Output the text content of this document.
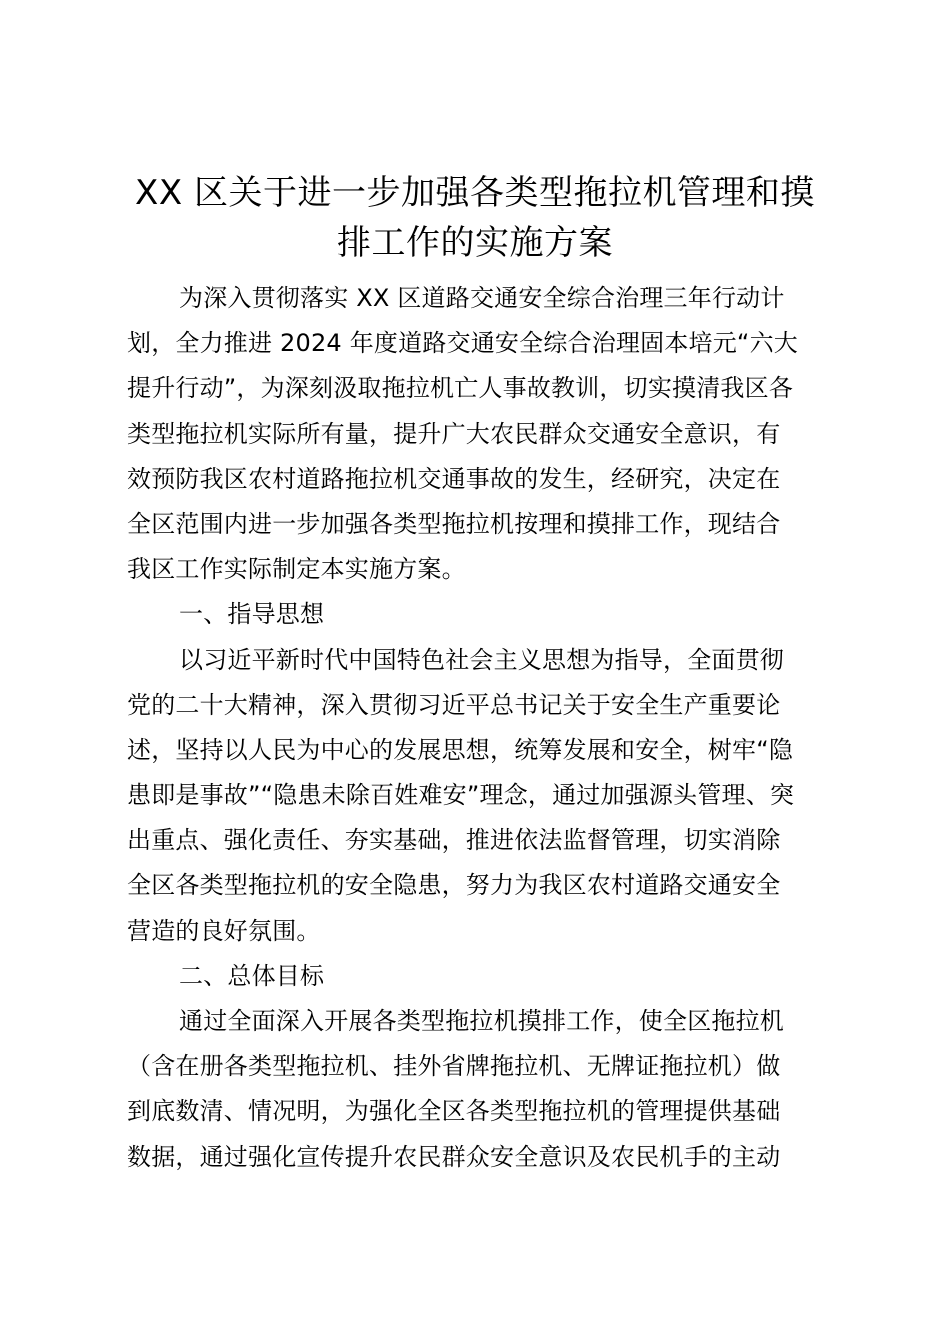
XX 区关于进一步加强各类型拖拉机管理和摸
排工作的实施方案
为深入贯彻落实 XX 区道路交通安全综合治理三年行动计
划，全力推进 2024 年度道路交通安全综合治理固本培元“六大
提升行动”，为深刻汲取拖拉机亡人事故教训，切实摸清我区各
类型拖拉机实际所有量，提升广大农民群众交通安全意识，有
效预防我区农村道路拖拉机交通事故的发生，经研究，决定在
全区范围内进一步加强各类型拖拉机按理和摸排工作，现结合
我区工作实际制定本实施方案。
一、指导思想
以习近平新时代中国特色社会主义思想为指导，全面贯彻
党的二十大精神，深入贯彻习近平总书记关于安全生产重要论
述，坚持以人民为中心的发展思想，统筹发展和安全，树牢“隐
患即是事故”“隐患未除百姓难安”理念，通过加强源头管理、突
出重点、强化责任、夯实基础，推进依法监督管理，切实消除
全区各类型拖拉机的安全隐患，努力为我区农村道路交通安全
营造的良好氛围。
二、总体目标
通过全面深入开展各类型拖拉机摸排工作，使全区拖拉机
（含在册各类型拖拉机、挂外省牌拖拉机、无牌证拖拉机）做
到底数清、情况明，为强化全区各类型拖拉机的管理提供基础
数据，通过强化宣传提升农民群众安全意识及农民机手的主动
